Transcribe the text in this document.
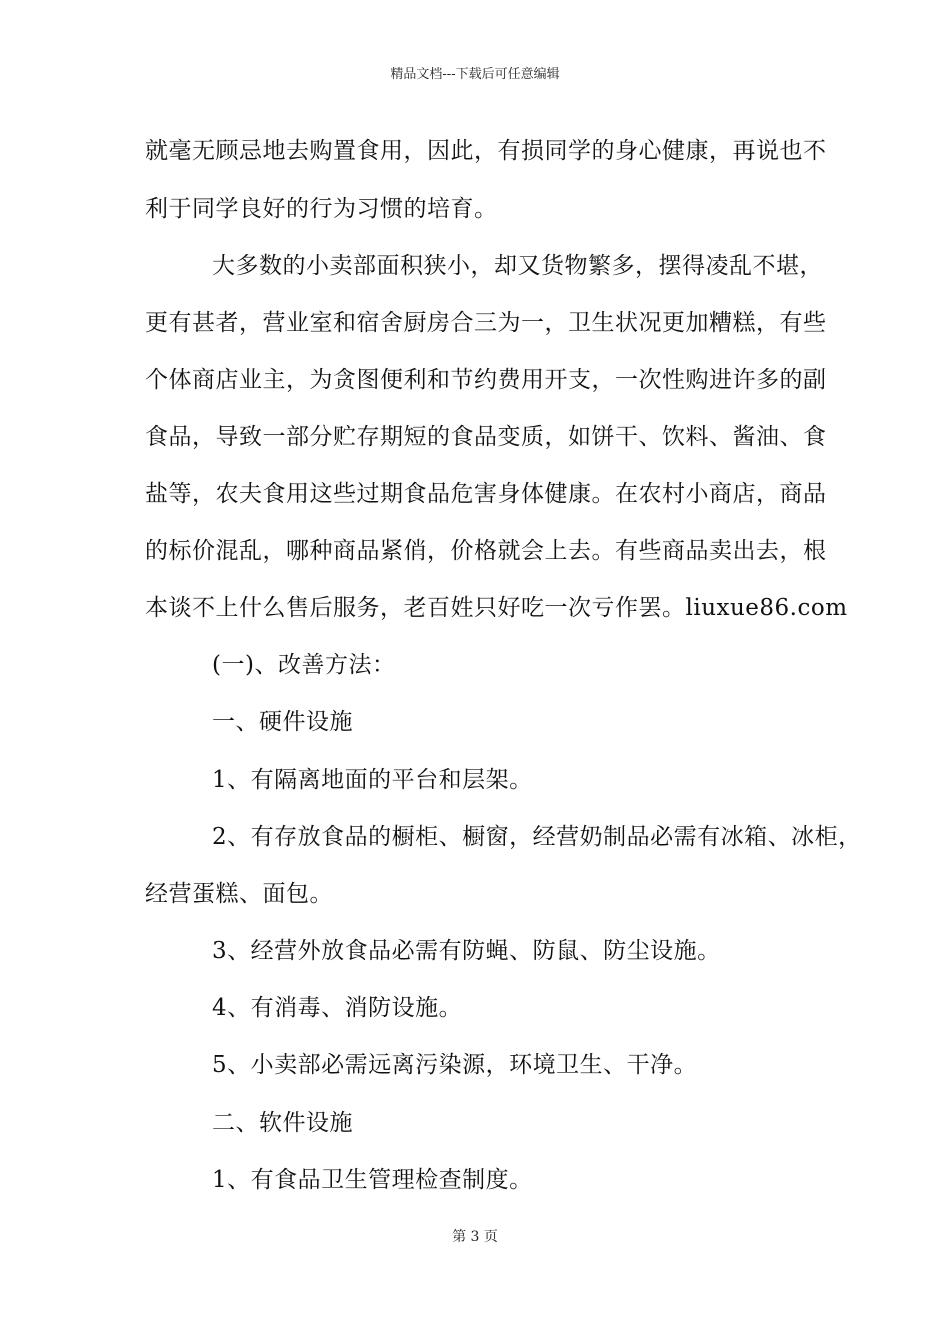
精品文档---下载后可任意编辑
就毫无顾忌地去购置食用，因此，有损同学的身心健康，再说也不
利于同学良好的行为习惯的培育。
大多数的小卖部面积狭小，却又货物繁多，摆得凌乱不堪，
更有甚者，营业室和宿舍厨房合三为一，卫生状况更加糟糕，有些
个体商店业主，为贪图便利和节约费用开支，一次性购进许多的副
食品，导致一部分贮存期短的食品变质，如饼干、饮料、酱油、食
盐等，农夫食用这些过期食品危害身体健康。在农村小商店，商品
的标价混乱，哪种商品紧俏，价格就会上去。有些商品卖出去，根
本谈不上什么售后服务，老百姓只好吃一次亏作罢。liuxue86.com
(一)、改善方法：
一、硬件设施
1、有隔离地面的平台和层架。
2、有存放食品的橱柜、橱窗，经营奶制品必需有冰箱、冰柜，
经营蛋糕、面包。
3、经营外放食品必需有防蝇、防鼠、防尘设施。
4、有消毒、消防设施。
5、小卖部必需远离污染源，环境卫生、干净。
二、软件设施
1、有食品卫生管理检查制度。
第 3 页
